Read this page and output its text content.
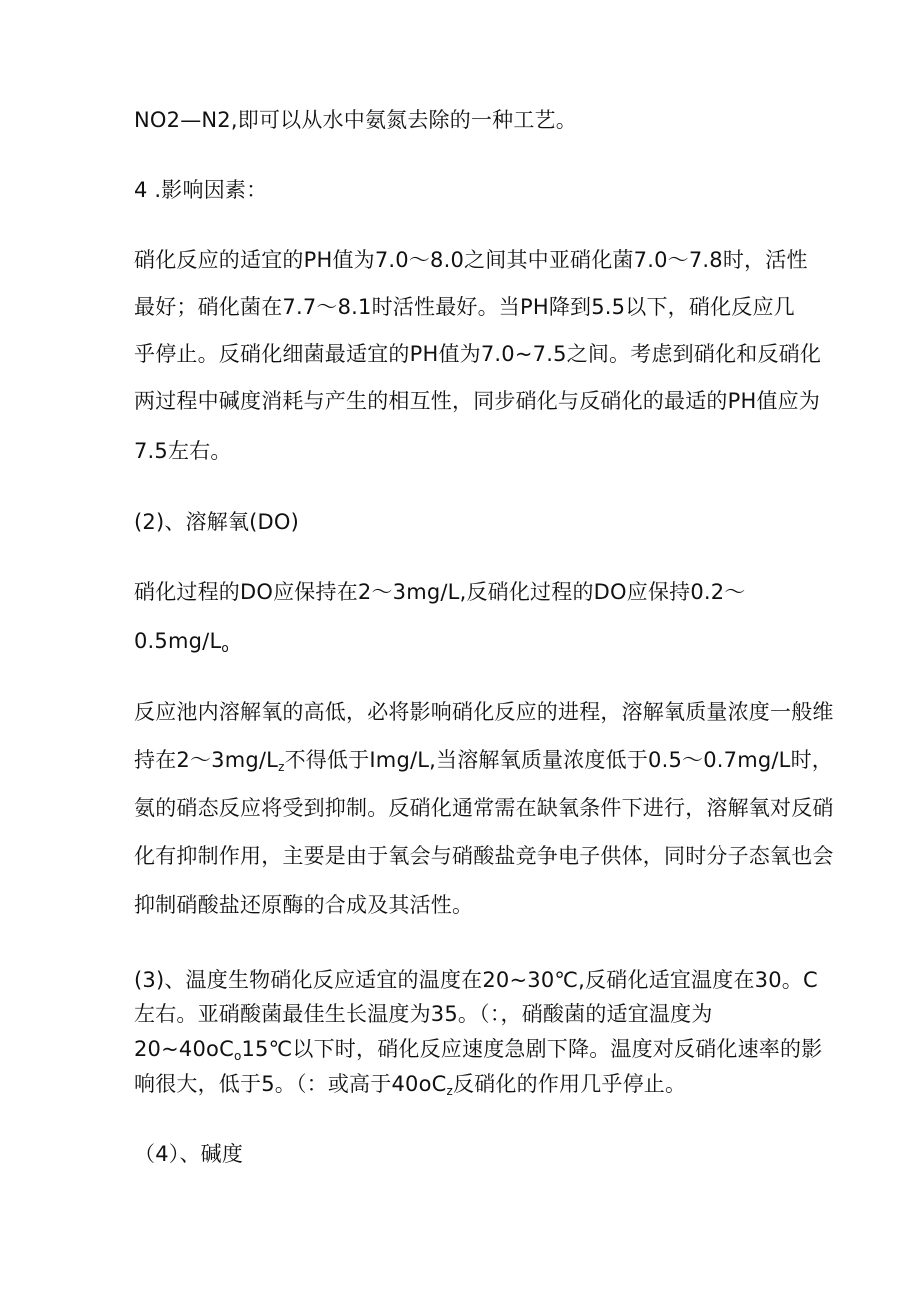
NO2—N2,即可以从水中氨氮去除的一种工艺。

4 .影响因素：

硝化反应的适宜的PH值为7.0〜8.0之间其中亚硝化菌7.0〜7.8时，活性

最好；硝化菌在7.7〜8.1时活性最好。当PH降到5.5以下，硝化反应几

乎停止。反硝化细菌最适宜的PH值为7.0~7.5之间。考虑到硝化和反硝化

两过程中碱度消耗与产生的相互性，同步硝化与反硝化的最适的PH值应为

7.5左右。

(2)、溶解氧(DO)

硝化过程的DO应保持在2〜3mg∕L,反硝化过程的DO应保持0.2〜

$0.5mg∕L_o$

反应池内溶解氧的高低，必将影响硝化反应的进程，溶解氧质量浓度一般维

持在2〜$3mg∕L_z$不得低于Img/L,当溶解氧质量浓度低于0.5〜0.7mg∕L时，

氨的硝态反应将受到抑制。反硝化通常需在缺氧条件下进行，溶解氧对反硝

化有抑制作用，主要是由于氧会与硝酸盐竞争电子供体，同时分子态氧也会

抑制硝酸盐还原酶的合成及其活性。

(3)、温度生物硝化反应适宜的温度在20~30℃,反硝化适宜温度在30。C

左右。亚硝酸菌最佳生长温度为35。（：，硝酸菌的适宜温度为

$20\sim 40oC_o15℃$以下时，硝化反应速度急剧下降。温度对反硝化速率的影

响很大，低于5。（：或高于$40oC_z$反硝化的作用几乎停止。

（4）、碱度
